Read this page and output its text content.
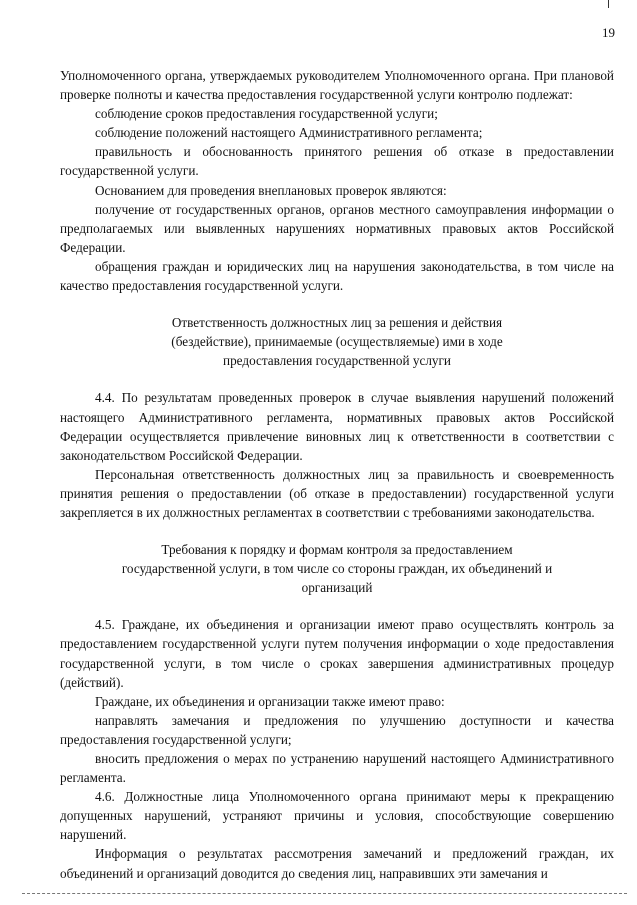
19

Уполномоченного органа, утверждаемых руководителем Уполномоченного органа. При плановой проверке полноты и качества предоставления государственной услуги контролю подлежат:

соблюдение сроков предоставления государственной услуги;

соблюдение положений настоящего Административного регламента;

правильность и обоснованность принятого решения об отказе в предоставлении государственной услуги.

Основанием для проведения внеплановых проверок являются:

получение от государственных органов, органов местного самоуправления информации о предполагаемых или выявленных нарушениях нормативных правовых актов Российской Федерации.

обращения граждан и юридических лиц на нарушения законодательства, в том числе на качество предоставления государственной услуги.

Ответственность должностных лиц за решения и действия
(бездействие), принимаемые (осуществляемые) ими в ходе
предоставления государственной услуги

4.4. По результатам проведенных проверок в случае выявления нарушений положений настоящего Административного регламента, нормативных правовых актов Российской Федерации осуществляется привлечение виновных лиц к ответственности в соответствии с законодательством Российской Федерации.

Персональная ответственность должностных лиц за правильность и своевременность принятия решения о предоставлении (об отказе в предоставлении) государственной услуги закрепляется в их должностных регламентах в соответствии с требованиями законодательства.

Требования к порядку и формам контроля за предоставлением
государственной услуги, в том числе со стороны граждан, их объединений и
организаций

4.5. Граждане, их объединения и организации имеют право осуществлять контроль за предоставлением государственной услуги путем получения информации о ходе предоставления государственной услуги, в том числе о сроках завершения административных процедур (действий).

Граждане, их объединения и организации также имеют право:

направлять замечания и предложения по улучшению доступности и качества предоставления государственной услуги;

вносить предложения о мерах по устранению нарушений настоящего Административного регламента.

4.6. Должностные лица Уполномоченного органа принимают меры к прекращению допущенных нарушений, устраняют причины и условия, способствующие совершению нарушений.

Информация о результатах рассмотрения замечаний и предложений граждан, их объединений и организаций доводится до сведения лиц, направивших эти замечания и
